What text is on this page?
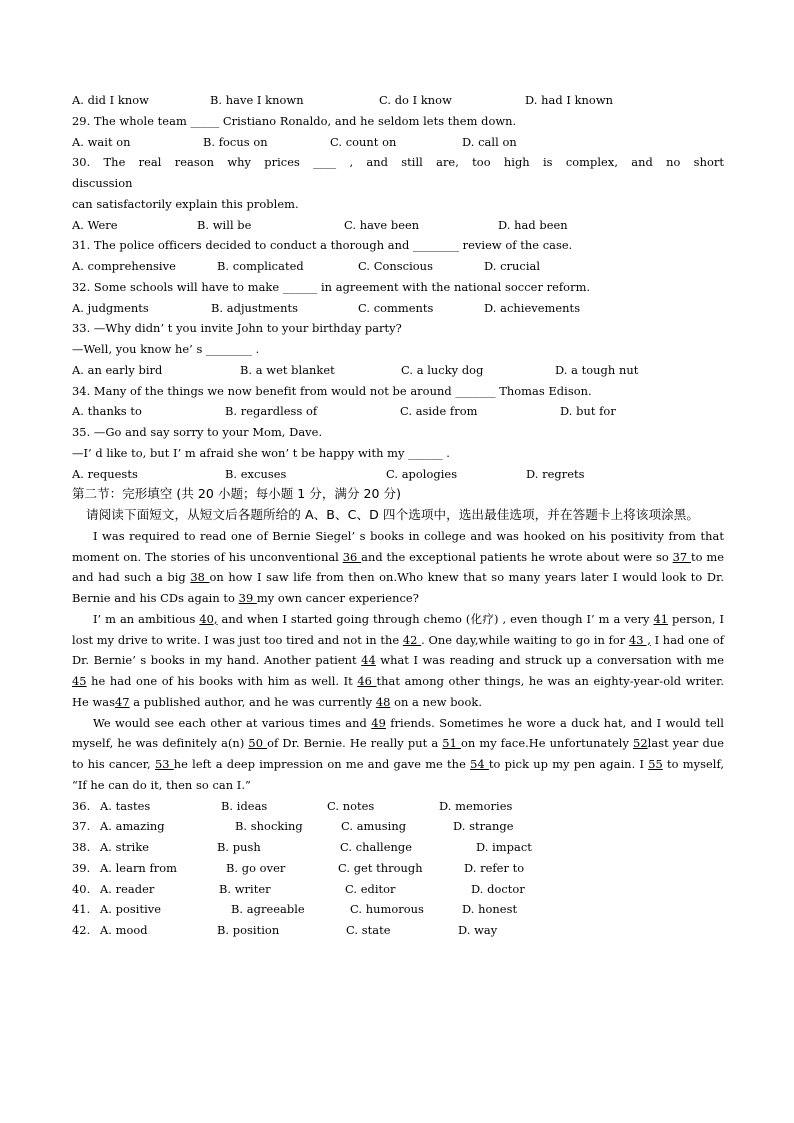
A. did I know	B. have I known	C. do I know	D. had I known
29. The whole team _____ Cristiano Ronaldo, and he seldom lets them down.
A. wait on	B. focus on	C. count on	D. call on
30. The real reason why prices ____ , and still are, too high is complex, and no short
discussion
can satisfactorily explain this problem.
A. Were	B. will be	C. have been	D. had been
31. The police officers decided to conduct a thorough and ________ review of the case.
A. comprehensive	B. complicated	C. Conscious	D. crucial
32. Some schools will have to make ______ in agreement with the national soccer reform.
A. judgments	B. adjustments	C. comments	D. achievements
33. —Why didn’ t you invite John to your birthday party?
—Well, you know he’ s ________ .
A. an early bird	B. a wet blanket	C. a lucky dog	D. a tough nut
34. Many of the things we now benefit from would not be around _______ Thomas Edison.
A. thanks to	B. regardless of	C. aside from	D. but for
35. —Go and say sorry to your Mom, Dave.
—I’ d like to, but I’ m afraid she won’ t be happy with my ______ .
A. requests	B. excuses	C. apologies	D. regrets
第二节：完形填空 (共 20 小题；每小题 1 分，满分 20 分)
请阅读下面短文，从短文后各题所给的 A、B、C、D 四个选项中，选出最佳选项，并在答题卡上将该项涂黑。
I was required to read one of Bernie Siegel’ s books in college and was hooked on his positivity from that moment on. The stories of his unconventional 36 and the exceptional patients he wrote about were so 37 to me and had such a big 38 on how I saw life from then on.Who knew that so many years later I would look to Dr. Bernie and his CDs again to 39 my own cancer experience?
I’ m an ambitious 40, and when I started going through chemo (化疗) , even though I’ m a very 41 person, I lost my drive to write. I was just too tired and not in the 42 . One day,while waiting to go in for 43 , I had one of Dr. Bernie’ s books in my hand. Another patient 44 what I was reading and struck up a conversation with me 45 he had one of his books with him as well. It 46 that among other things, he was an eighty-year-old writer. He was47 a published author, and he was currently 48 on a new book.
We would see each other at various times and 49 friends. Sometimes he wore a duck hat, and I would tell myself, he was definitely a(n) 50 of Dr. Bernie. He really put a 51 on my face.He unfortunately 52last year due to his cancer, 53 he left a deep impression on me and gave me the 54 to pick up my pen again. I 55 to myself, “If he can do it, then so can I.”
36. A. tastes	B. ideas	C. notes	D. memories
37. A. amazing	B. shocking	C. amusing	D. strange
38. A. strike	B. push	C. challenge	D. impact
39. A. learn from	B. go over	C. get through	D. refer to
40. A. reader	B. writer	C. editor	D. doctor
41. A. positive	B. agreeable	C. humorous	D. honest
42. A. mood	B. position	C. state	D. way
